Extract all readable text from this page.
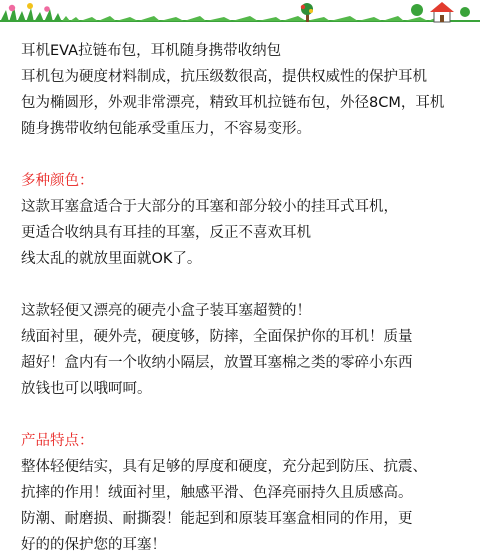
耳机EVA拉链布包，耳机随身携带收纳包
耳机包为硬度材料制成，抗压级数很高，提供权威性的保护耳机
包为椭圆形，外观非常漂亮，精致耳机拉链布包，外径8CM，耳机
随身携带收纳包能承受重压力，不容易变形。
多种颜色：
这款耳塞盒适合于大部分的耳塞和部分较小的挂耳式耳机，
更适合收纳具有耳挂的耳塞，反正不喜欢耳机
线太乱的就放里面就OK了。
这款轻便又漂亮的硬壳小盒子装耳塞超赞的！
绒面衬里，硬外壳，硬度够，防摔，全面保护你的耳机！质量
超好！盒内有一个收纳小隔层，放置耳塞棉之类的零碎小东西
放钱也可以哦呵呵。
产品特点：
整体轻便结实，具有足够的厚度和硬度，充分起到防压、抗震、
抗摔的作用！绒面衬里，触感平滑、色泽亮丽持久且质感高。
防潮、耐磨损、耐撕裂！能起到和原装耳塞盒相同的作用，更
好的的保护您的耳塞！
